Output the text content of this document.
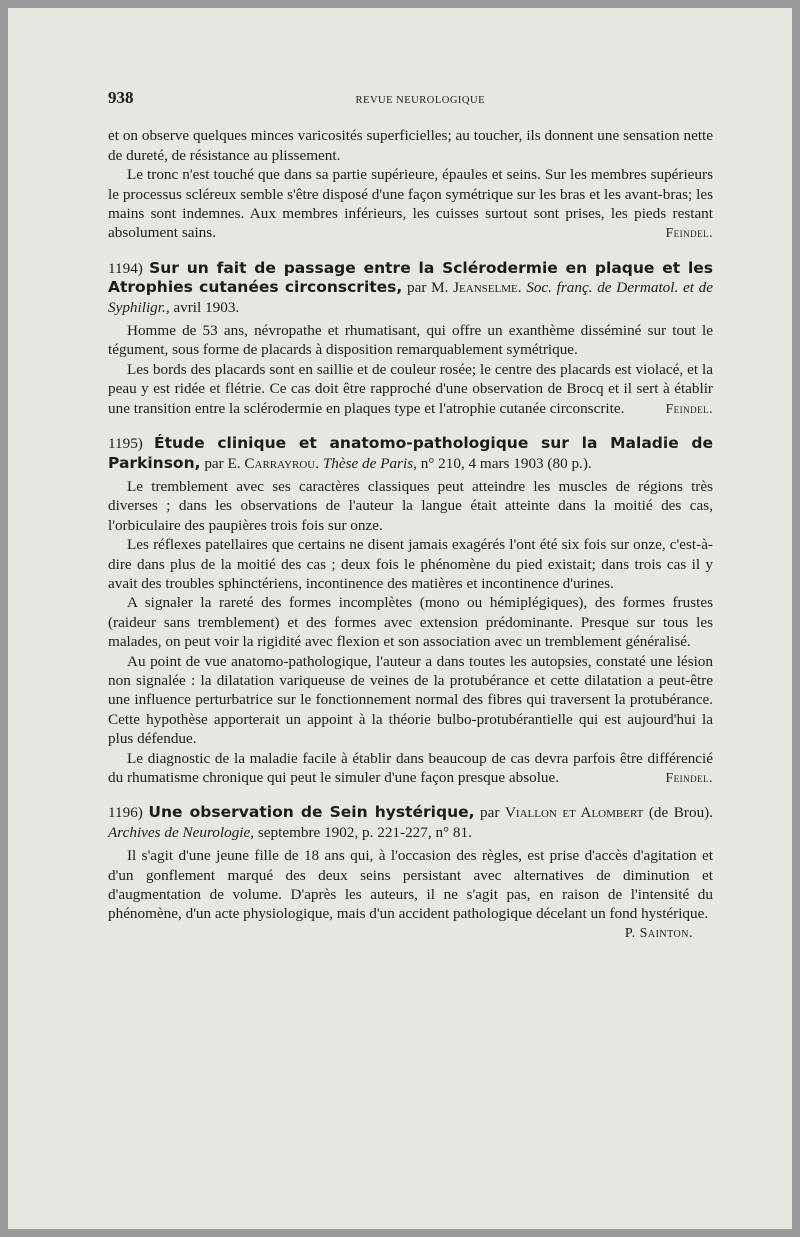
938	REVUE NEUROLOGIQUE

et on observe quelques minces varicosités superficielles; au toucher, ils donnent une sensation nette de dureté, de résistance au plissement.

Le tronc n'est touché que dans sa partie supérieure, épaules et seins. Sur les membres supérieurs le processus scléreux semble s'être disposé d'une façon symétrique sur les bras et les avant-bras; les mains sont indemnes. Aux membres inférieurs, les cuisses surtout sont prises, les pieds restant absolument sains.	Feindel.

1194) Sur un fait de passage entre la Sclérodermie en plaque et les Atrophies cutanées circonscrites, par M. Jeanselme. Soc. franç. de Dermatol. et de Syphiligr., avril 1903.

Homme de 53 ans, névropathe et rhumatisant, qui offre un exanthème disséminé sur tout le tégument, sous forme de placards à disposition remarquablement symétrique.

Les bords des placards sont en saillie et de couleur rosée; le centre des placards est violacé, et la peau y est ridée et flétrie. Ce cas doit être rapproché d'une observation de Brocq et il sert à établir une transition entre la sclérodermie en plaques type et l'atrophie cutanée circonscrite.	Feindel.

1195) Étude clinique et anatomo-pathologique sur la Maladie de Parkinson, par E. Carrayrou. Thèse de Paris, n° 210, 4 mars 1903 (80 p.).

Le tremblement avec ses caractères classiques peut atteindre les muscles de régions très diverses ; dans les observations de l'auteur la langue était atteinte dans la moitié des cas, l'orbiculaire des paupières trois fois sur onze.

Les réflexes patellaires que certains ne disent jamais exagérés l'ont été six fois sur onze, c'est-à-dire dans plus de la moitié des cas ; deux fois le phénomène du pied existait; dans trois cas il y avait des troubles sphinctériens, incontinence des matières et incontinence d'urines.

A signaler la rareté des formes incomplètes (mono ou hémiplégiques), des formes frustes (raideur sans tremblement) et des formes avec extension prédominante. Presque sur tous les malades, on peut voir la rigidité avec flexion et son association avec un tremblement généralisé.

Au point de vue anatomo-pathologique, l'auteur a dans toutes les autopsies, constaté une lésion non signalée : la dilatation variqueuse de veines de la protubérance et cette dilatation a peut-être une influence perturbatrice sur le fonctionnement normal des fibres qui traversent la protubérance. Cette hypothèse apporterait un appoint à la théorie bulbo-protubérantielle qui est aujourd'hui la plus défendue.

Le diagnostic de la maladie facile à établir dans beaucoup de cas devra parfois être différencié du rhumatisme chronique qui peut le simuler d'une façon presque absolue.	Feindel.

1196) Une observation de Sein hystérique, par Viallon et Alombert (de Brou). Archives de Neurologie, septembre 1902, p. 221-227, n° 81.

Il s'agit d'une jeune fille de 18 ans qui, à l'occasion des règles, est prise d'accès d'agitation et d'un gonflement marqué des deux seins persistant avec alternatives de diminution et d'augmentation de volume. D'après les auteurs, il ne s'agit pas, en raison de l'intensité du phénomène, d'un acte physiologique, mais d'un accident pathologique décelant un fond hystérique.

P. Sainton.
